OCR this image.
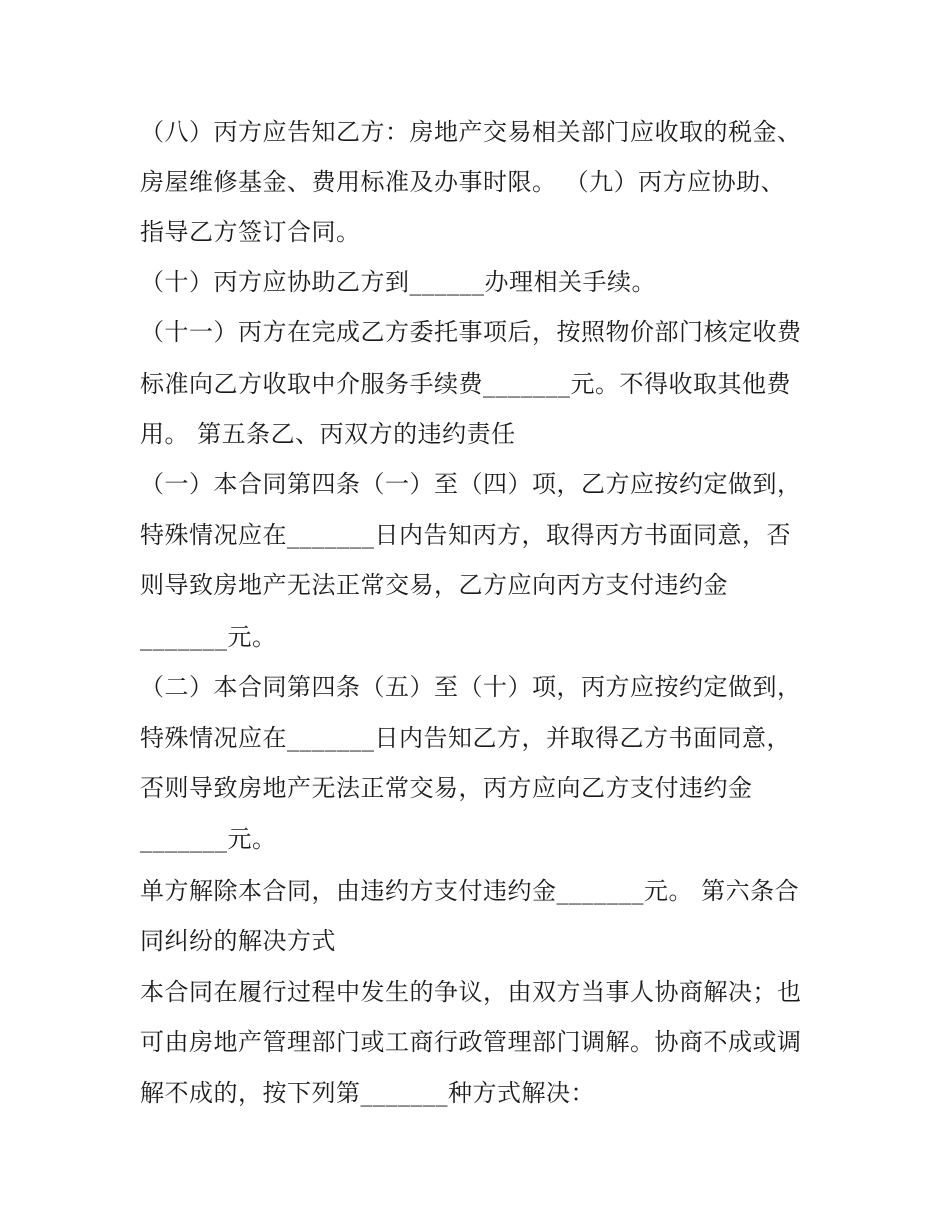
（八）丙方应告知乙方：房地产交易相关部门应收取的税金、
房屋维修基金、费用标准及办事时限。 （九）丙方应协助、
指导乙方签订合同。
（十）丙方应协助乙方到______办理相关手续。
（十一）丙方在完成乙方委托事项后，按照物价部门核定收费
标准向乙方收取中介服务手续费_______元。不得收取其他费
用。 第五条乙、丙双方的违约责任
（一）本合同第四条（一）至（四）项，乙方应按约定做到，
特殊情况应在_______日内告知丙方，取得丙方书面同意，否
则导致房地产无法正常交易，乙方应向丙方支付违约金
_______元。
（二）本合同第四条（五）至（十）项，丙方应按约定做到，
特殊情况应在_______日内告知乙方，并取得乙方书面同意，
否则导致房地产无法正常交易，丙方应向乙方支付违约金
_______元。
单方解除本合同，由违约方支付违约金_______元。 第六条合
同纠纷的解决方式
本合同在履行过程中发生的争议，由双方当事人协商解决；也
可由房地产管理部门或工商行政管理部门调解。协商不成或调
解不成的，按下列第_______种方式解决：
